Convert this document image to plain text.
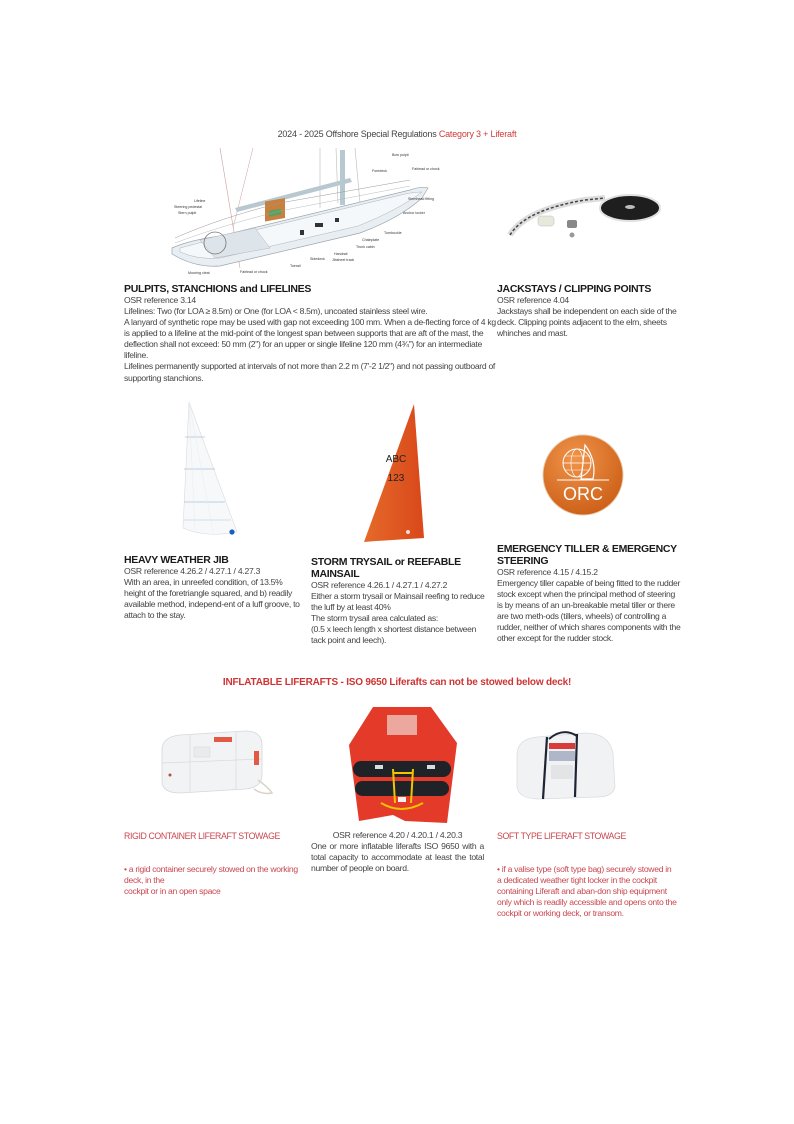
2024 - 2025 Offshore Special Regulations Category 3 + Liferaft
Bow pulpit
Foredeck	Fairlead or chock
Stemhead fitting
Anchor locker
Turnbuckle
Chainplate
Trunk cabin
Handrail
Sidedeck Jibsheet track
Toerail
Fairlead or chock
Mooring cleat
Stern pulpit
Steering pedestal
Lifeline

PULPITS, STANCHIONS and LIFELINES

OSR reference 3.14

Lifelines: Two (for LOA ≥ 8.5m) or One (for LOA < 8.5m), uncoated stainless steel wire.

A lanyard of synthetic rope may be used with gap not exceeding 100 mm. When a de-flecting force of 4 kg is applied to a lifeline at the mid-point of the longest span between supports that are aft of the mast, the deflection shall not exceed: 50 mm (2") for an upper or single lifeline 120 mm (4¾") for an intermediate lifeline.

Lifelines permanently supported at intervals of not more than 2.2 m (7'-2 1/2") and not passing outboard of supporting stanchions.

JACKSTAYS / CLIPPING POINTS

OSR reference 4.04
Jackstays shall be independent on each side of the deck. Clipping points adjacent to the elm, sheets whinches and mast.
ABC
123
ORC

HEAVY WEATHER JIB

OSR reference 4.26.2 / 4.27.1 / 4.27.3
With an area, in unreefed condition, of 13.5% height of the foretriangle squared, and b) readily available method, independ-ent of a luff groove, to attach to the stay.

STORM TRYSAIL or REEFABLE MAINSAIL

OSR reference 4.26.1 / 4.27.1 / 4.27.2

Either a storm trysail or Mainsail reefing to reduce the luff by at least 40%

The storm trysail area calculated as:

(0.5 x leech length x shortest distance between tack point and leech).

EMERGENCY TILLER & EMERGENCY STEERING

OSR reference 4.15 / 4.15.2
Emergency tiller capable of being fitted to the rudder stock except when the principal method of steering is by means of an un-breakable metal tiller or there are two meth-ods (tillers, wheels) of controlling a rudder, neither of which shares components with the other except for the rudder stock.
INFLATABLE LIFERAFTS - ISO 9650 Liferafts can not be stowed below deck!
RIGID CONTAINER LIFERAFT STOWAGE
• a rigid container securely stowed on the working deck, in the
cockpit or in an open space
OSR reference 4.20 / 4.20.1 / 4.20.3
One or more inflatable liferafts ISO 9650 with a total capacity to accommodate at least the total number of people on board.
SOFT TYPE LIFERAFT STOWAGE
• if a valise type (soft type bag) securely stowed in a dedicated weather tight locker in the cockpit containing Liferaft and aban-don ship equipment only which is readily accessible and opens onto the cockpit or working deck, or transom.
